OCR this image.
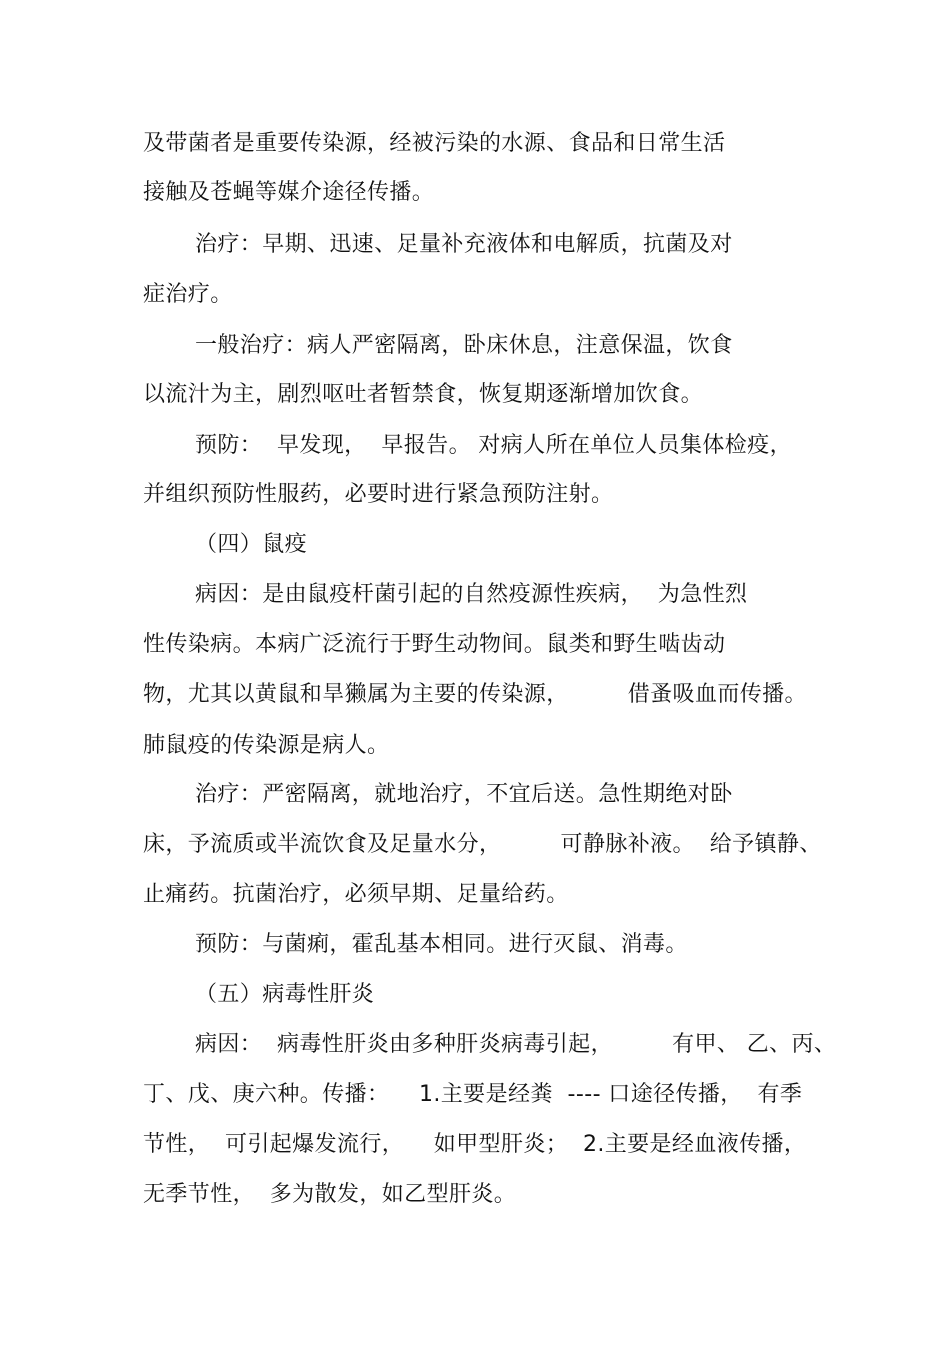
及带菌者是重要传染源，经被污染的水源、食品和日常生活
接触及苍蝇等媒介途径传播。
治疗：早期、迅速、足量补充液体和电解质，抗菌及对
症治疗。
一般治疗：病人严密隔离，卧床休息，注意保温，饮食
以流汁为主，剧烈呕吐者暂禁食，恢复期逐渐增加饮食。
预防：  早发现，  早报告。 对病人所在单位人员集体检疫，
并组织预防性服药，必要时进行紧急预防注射。
（四）鼠疫
病因：是由鼠疫杆菌引起的自然疫源性疾病，  为急性烈
性传染病。本病广泛流行于野生动物间。鼠类和野生啮齿动
物，尤其以黄鼠和旱獭属为主要的传染源，        借蚤吸血而传播。
肺鼠疫的传染源是病人。
治疗：严密隔离，就地治疗，不宜后送。急性期绝对卧
床，予流质或半流饮食及足量水分，        可静脉补液。  给予镇静、
止痛药。抗菌治疗，必须早期、足量给药。
预防：与菌痢，霍乱基本相同。进行灭鼠、消毒。
（五）病毒性肝炎
病因：  病毒性肝炎由多种肝炎病毒引起，        有甲、 乙、丙、
丁、戊、庚六种。传播：    1.主要是经粪  ---- 口途径传播，  有季
节性，  可引起爆发流行，    如甲型肝炎；  2.主要是经血液传播，
无季节性，  多为散发，如乙型肝炎。
